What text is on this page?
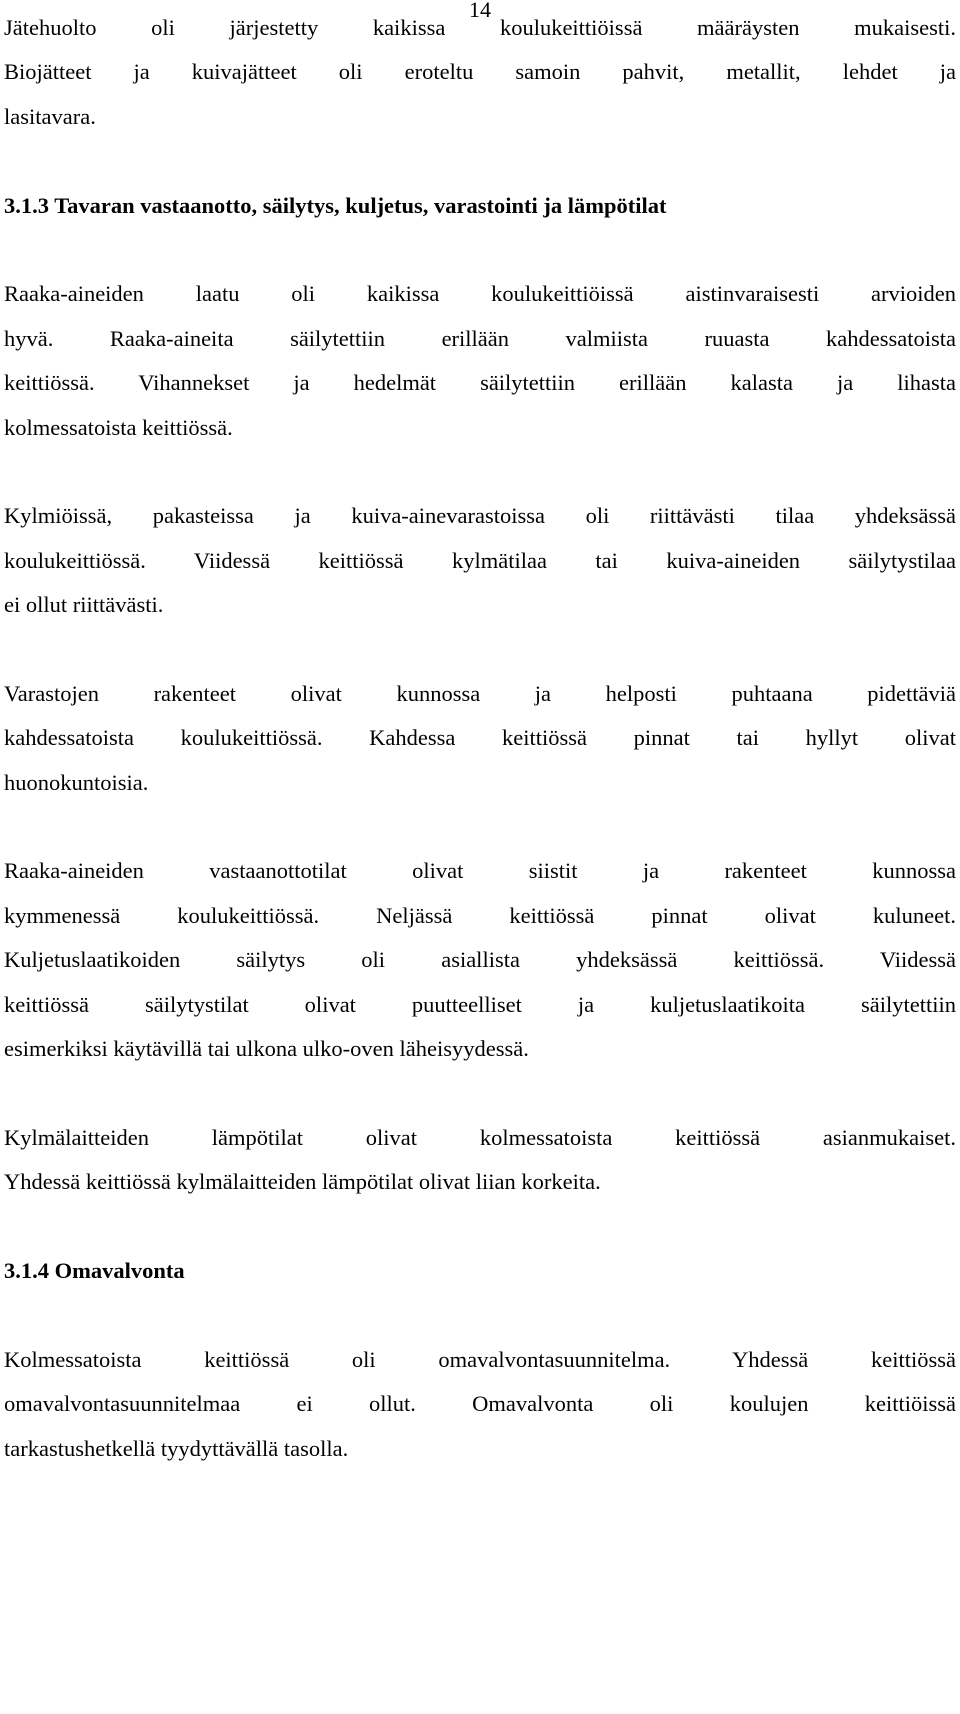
14
Jätehuolto oli järjestetty kaikissa koulukeittiöissä määräysten mukaisesti.
Biojätteet ja kuivajätteet oli eroteltu samoin pahvit, metallit, lehdet ja
lasitavara.
3.1.3 Tavaran vastaanotto, säilytys, kuljetus, varastointi ja lämpötilat
Raaka-aineiden laatu oli kaikissa koulukeittiöissä aistinvaraisesti arvioiden
hyvä. Raaka-aineita säilytettiin erillään valmiista ruuasta kahdessatoista
keittiössä. Vihannekset ja hedelmät säilytettiin erillään kalasta ja lihasta
kolmessatoista keittiössä.
Kylmiöissä, pakasteissa ja kuiva-ainevarastoissa oli riittävästi tilaa yhdeksässä
koulukeittiössä. Viidessä keittiössä kylmätilaa tai kuiva-aineiden säilytystilaa
ei ollut riittävästi.
Varastojen rakenteet olivat kunnossa ja helposti puhtaana pidettäviä
kahdessatoista koulukeittiössä. Kahdessa keittiössä pinnat tai hyllyt olivat
huonokuntoisia.
Raaka-aineiden vastaanottotilat olivat siistit ja rakenteet kunnossa
kymmenessä koulukeittiössä. Neljässä keittiössä pinnat olivat kuluneet.
Kuljetuslaatikoiden säilytys oli asiallista yhdeksässä keittiössä. Viidessä
keittiössä säilytystilat olivat puutteelliset ja kuljetuslaatikoita säilytettiin
esimerkiksi käytävillä tai ulkona ulko-oven läheisyydessä.
Kylmälaitteiden lämpötilat olivat kolmessatoista keittiössä asianmukaiset.
Yhdessä keittiössä kylmälaitteiden lämpötilat olivat liian korkeita.
3.1.4 Omavalvonta
Kolmessatoista keittiössä oli omavalvontasuunnitelma. Yhdessä keittiössä
omavalvontasuunnitelmaa ei ollut. Omavalvonta oli koulujen keittiöissä
tarkastushetkellä tyydyttävällä tasolla.
